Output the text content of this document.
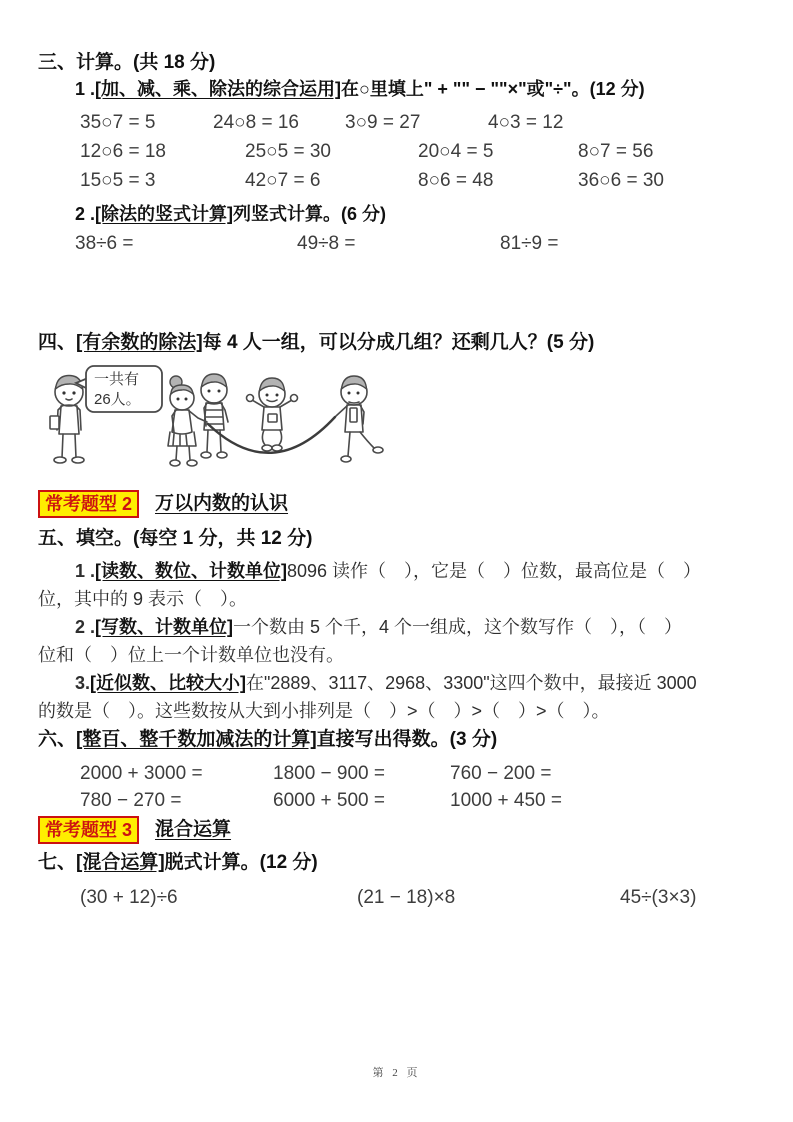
三、计算。(共 18 分)
1 .[加、减、乘、除法的综合运用]在○里填上" + "" − ""×"或"÷"。(12 分)
35○7 = 5	24○8 = 16	3○9 = 27	4○3 = 12
12○6 = 18	25○5 = 30	20○4 = 5	8○7 = 56
15○5 = 3	42○7 = 6	8○6 = 48	36○6 = 30
2 .[除法的竖式计算]列竖式计算。(6 分)
38÷6 =	49÷8 =	81÷9 =
四、[有余数的除法]每 4 人一组，可以分成几组？还剩几人？(5 分)
一共有
26人。
常考题型 2	万以内数的认识
五、填空。(每空 1 分，共 12 分)
1 .[读数、数位、计数单位]8096 读作（　），它是（　）位数，最高位是（　）
位，其中的 9 表示（　）。
2 .[写数、计数单位]一个数由 5 个千，4 个一组成，这个数写作（　），（　）
位和（　）位上一个计数单位也没有。
3.[近似数、比较大小]在"2889、3117、2968、3300"这四个数中，最接近 3000
的数是（　）。这些数按从大到小排列是（　）>（　）>（　）>（　）。
六、[整百、整千数加减法的计算]直接写出得数。(3 分)
2000 + 3000 =	1800 − 900 =	760 − 200 =
780 − 270 =	6000 + 500 =	1000 + 450 =
常考题型 3	混合运算
七、[混合运算]脱式计算。(12 分)
(30 + 12)÷6	(21 − 18)×8	45÷(3×3)
第 2 页
